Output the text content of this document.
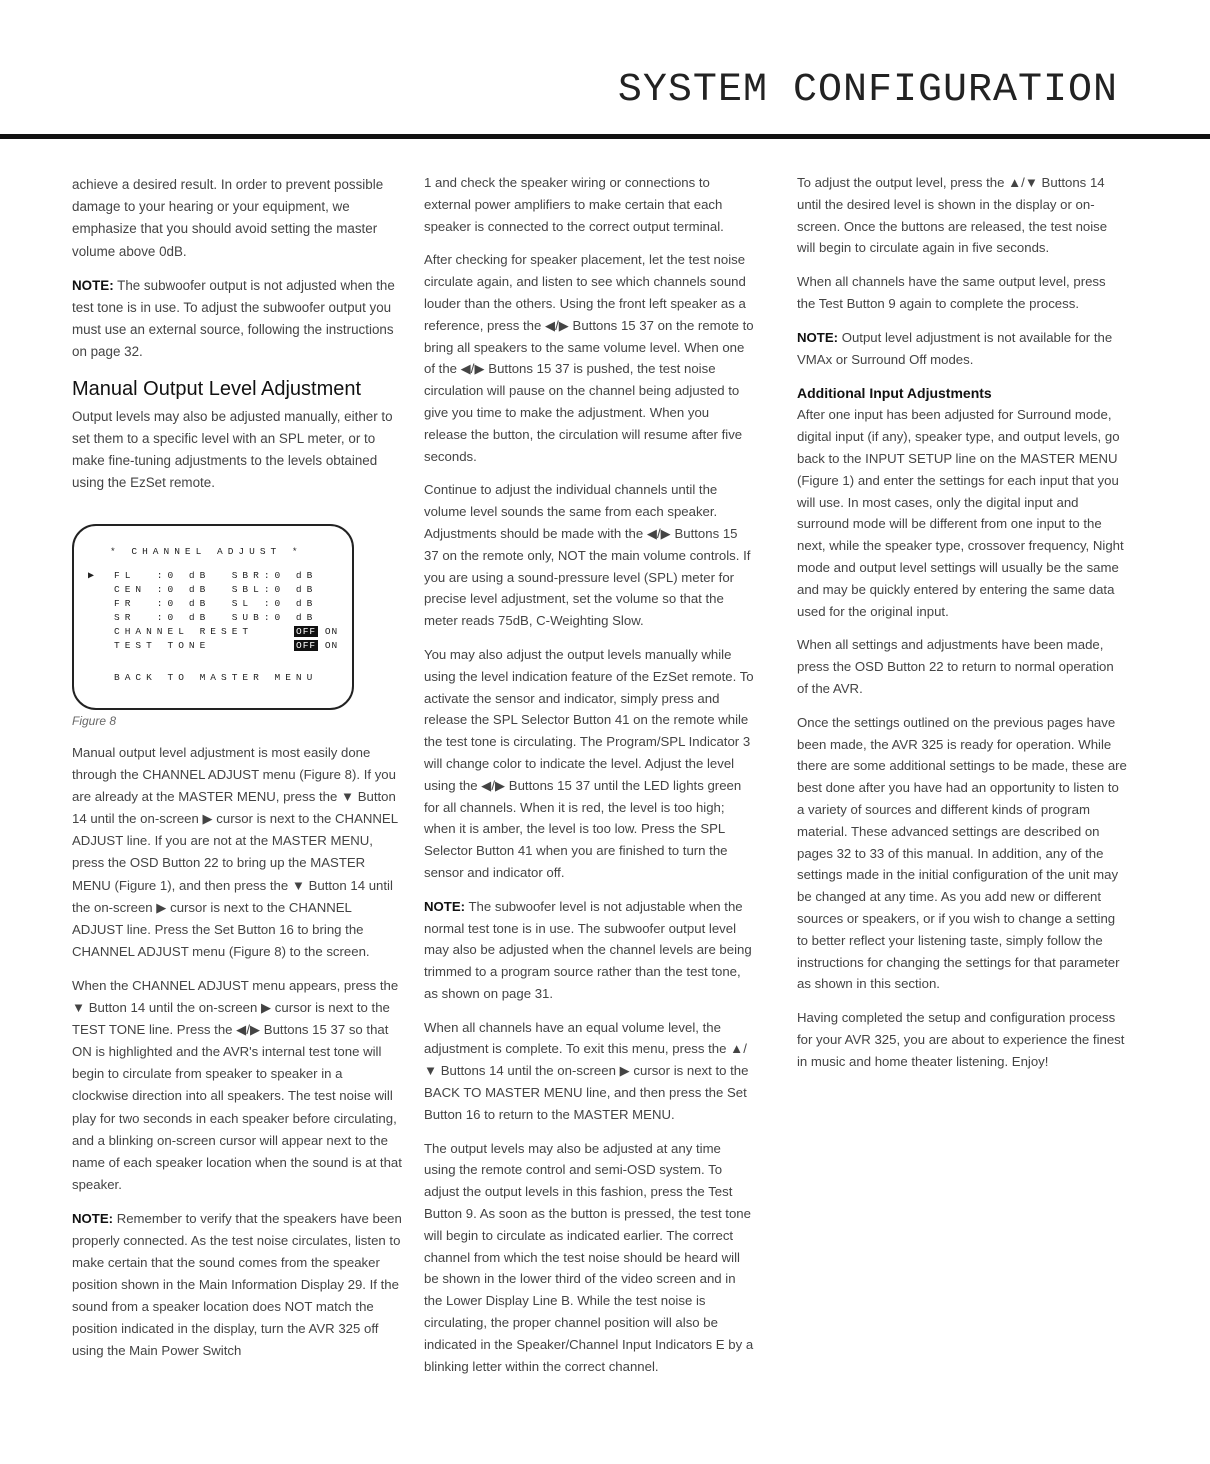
SYSTEM CONFIGURATION

achieve a desired result. In order to prevent possible damage to your hearing or your equipment, we emphasize that you should avoid setting the master volume above 0dB.

NOTE: The subwoofer output is not adjusted when the test tone is in use. To adjust the subwoofer output you must use an external source, following the instructions on page 32.

Manual Output Level Adjustment

Output levels may also be adjusted manually, either to set them to a specific level with an SPL meter, or to make fine-tuning adjustments to the levels obtained using the EzSet remote.

* CHANNEL ADJUST *
▶ FL  :0 dB  SBR:0 dB
CEN :0 dB  SBL:0 dB
FR  :0 dB  SL :0 dB
SR  :0 dB  SUB:0 dB
CHANNEL RESET	OFF ON
TEST TONE	OFF ON
BACK TO MASTER MENU
Figure 8

Manual output level adjustment is most easily done through the CHANNEL ADJUST menu (Figure 8). If you are already at the MASTER MENU, press the ▼ Button 14 until the on-screen ▶ cursor is next to the CHANNEL ADJUST line. If you are not at the MASTER MENU, press the OSD Button 22 to bring up the MASTER MENU (Figure 1), and then press the ▼ Button 14 until the on-screen ▶ cursor is next to the CHANNEL ADJUST line. Press the Set Button 16 to bring the CHANNEL ADJUST menu (Figure 8) to the screen.

When the CHANNEL ADJUST menu appears, press the ▼ Button 14 until the on-screen ▶ cursor is next to the TEST TONE line. Press the ◀/▶ Buttons 15 37 so that ON is highlighted and the AVR's internal test tone will begin to circulate from speaker to speaker in a clockwise direction into all speakers. The test noise will play for two seconds in each speaker before circulating, and a blinking on-screen cursor will appear next to the name of each speaker location when the sound is at that speaker.

NOTE: Remember to verify that the speakers have been properly connected. As the test noise circulates, listen to make certain that the sound comes from the speaker position shown in the Main Information Display 29. If the sound from a speaker location does NOT match the position indicated in the display, turn the AVR 325 off using the Main Power Switch

1 and check the speaker wiring or connections to external power amplifiers to make certain that each speaker is connected to the correct output terminal.

After checking for speaker placement, let the test noise circulate again, and listen to see which channels sound louder than the others. Using the front left speaker as a reference, press the ◀/▶ Buttons 15 37 on the remote to bring all speakers to the same volume level. When one of the ◀/▶ Buttons 15 37 is pushed, the test noise circulation will pause on the channel being adjusted to give you time to make the adjustment. When you release the button, the circulation will resume after five seconds.

Continue to adjust the individual channels until the volume level sounds the same from each speaker. Adjustments should be made with the ◀/▶ Buttons 15 37 on the remote only, NOT the main volume controls. If you are using a sound-pressure level (SPL) meter for precise level adjustment, set the volume so that the meter reads 75dB, C-Weighting Slow.

You may also adjust the output levels manually while using the level indication feature of the EzSet remote. To activate the sensor and indicator, simply press and release the SPL Selector Button 41 on the remote while the test tone is circulating. The Program/SPL Indicator 3 will change color to indicate the level. Adjust the level using the ◀/▶ Buttons 15 37 until the LED lights green for all channels. When it is red, the level is too high; when it is amber, the level is too low. Press the SPL Selector Button 41 when you are finished to turn the sensor and indicator off.

NOTE: The subwoofer level is not adjustable when the normal test tone is in use. The subwoofer output level may also be adjusted when the channel levels are being trimmed to a program source rather than the test tone, as shown on page 31.

When all channels have an equal volume level, the adjustment is complete. To exit this menu, press the ▲/▼ Buttons 14 until the on-screen ▶ cursor is next to the BACK TO MASTER MENU line, and then press the Set Button 16 to return to the MASTER MENU.

The output levels may also be adjusted at any time using the remote control and semi-OSD system. To adjust the output levels in this fashion, press the Test Button 9. As soon as the button is pressed, the test tone will begin to circulate as indicated earlier. The correct channel from which the test noise should be heard will be shown in the lower third of the video screen and in the Lower Display Line B. While the test noise is circulating, the proper channel position will also be indicated in the Speaker/Channel Input Indicators E by a blinking letter within the correct channel.

To adjust the output level, press the ▲/▼ Buttons 14 until the desired level is shown in the display or on-screen. Once the buttons are released, the test noise will begin to circulate again in five seconds.

When all channels have the same output level, press the Test Button 9 again to complete the process.

NOTE: Output level adjustment is not available for the VMAx or Surround Off modes.

Additional Input Adjustments

After one input has been adjusted for Surround mode, digital input (if any), speaker type, and output levels, go back to the INPUT SETUP line on the MASTER MENU (Figure 1) and enter the settings for each input that you will use. In most cases, only the digital input and surround mode will be different from one input to the next, while the speaker type, crossover frequency, Night mode and output level settings will usually be the same and may be quickly entered by entering the same data used for the original input.

When all settings and adjustments have been made, press the OSD Button 22 to return to normal operation of the AVR.

Once the settings outlined on the previous pages have been made, the AVR 325 is ready for operation. While there are some additional settings to be made, these are best done after you have had an opportunity to listen to a variety of sources and different kinds of program material. These advanced settings are described on pages 32 to 33 of this manual. In addition, any of the settings made in the initial configuration of the unit may be changed at any time. As you add new or different sources or speakers, or if you wish to change a setting to better reflect your listening taste, simply follow the instructions for changing the settings for that parameter as shown in this section.

Having completed the setup and configuration process for your AVR 325, you are about to experience the finest in music and home theater listening. Enjoy!
